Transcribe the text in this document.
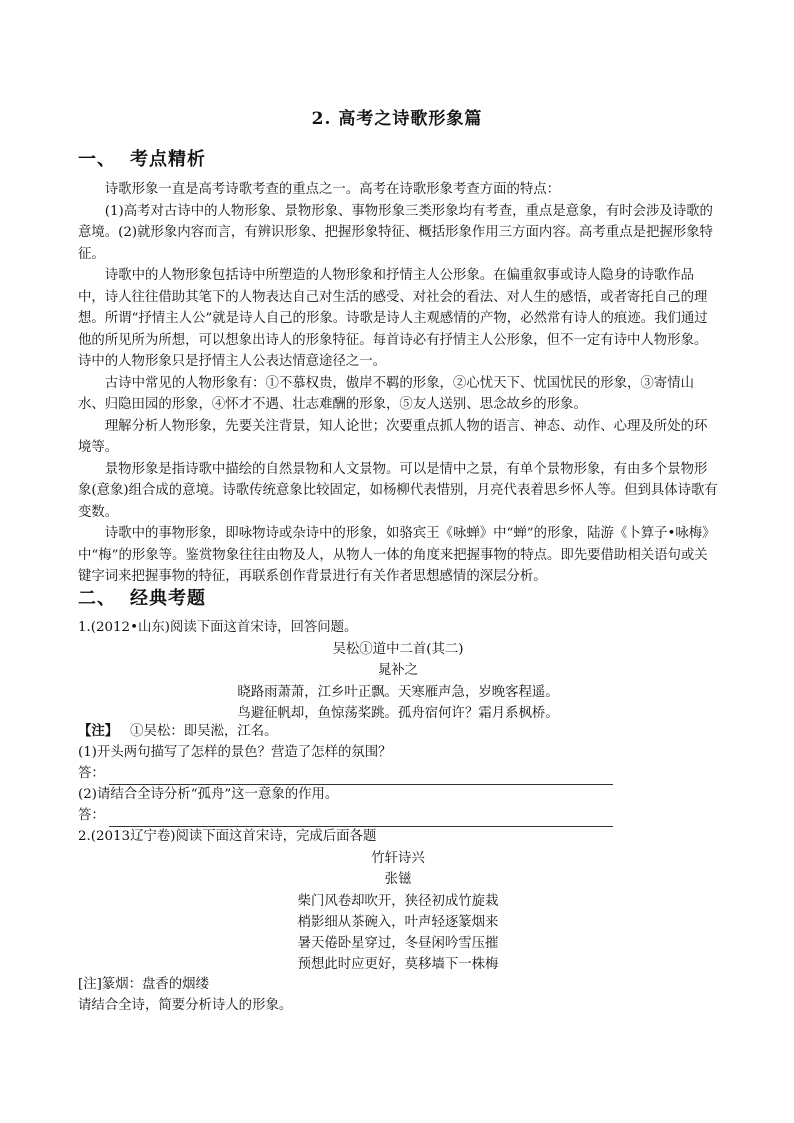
2. 高考之诗歌形象篇
一、 考点精析

诗歌形象一直是高考诗歌考查的重点之一。高考在诗歌形象考查方面的特点：

(1)高考对古诗中的人物形象、景物形象、事物形象三类形象均有考查，重点是意象，有时会涉及诗歌的意境。(2)就形象内容而言，有辨识形象、把握形象特征、概括形象作用三方面内容。高考重点是把握形象特征。

诗歌中的人物形象包括诗中所塑造的人物形象和抒情主人公形象。在偏重叙事或诗人隐身的诗歌作品中，诗人往往借助其笔下的人物表达自己对生活的感受、对社会的看法、对人生的感悟，或者寄托自己的理想。所谓“抒情主人公”就是诗人自己的形象。诗歌是诗人主观感情的产物，必然常有诗人的痕迹。我们通过他的所见所为所想，可以想象出诗人的形象特征。每首诗必有抒情主人公形象，但不一定有诗中人物形象。诗中的人物形象只是抒情主人公表达情意途径之一。

古诗中常见的人物形象有：①不慕权贵，傲岸不羁的形象，②心忧天下、忧国忧民的形象，③寄情山水、归隐田园的形象，④怀才不遇、壮志难酬的形象，⑤友人送别、思念故乡的形象。

理解分析人物形象，先要关注背景，知人论世；次要重点抓人物的语言、神态、动作、心理及所处的环境等。

景物形象是指诗歌中描绘的自然景物和人文景物。可以是情中之景，有单个景物形象，有由多个景物形象(意象)组合成的意境。诗歌传统意象比较固定，如杨柳代表惜别，月亮代表着思乡怀人等。但到具体诗歌有变数。

诗歌中的事物形象，即咏物诗或杂诗中的形象，如骆宾王《咏蝉》中“蝉”的形象，陆游《卜算子•咏梅》中“梅”的形象等。鉴赏物象往往由物及人，从物人一体的角度来把握事物的特点。即先要借助相关语句或关键字词来把握事物的特征，再联系创作背景进行有关作者思想感情的深层分析。

二、 经典考题
1.(2012•山东)阅读下面这首宋诗，回答问题。
吴松①道中二首(其二)
晁补之
晓路雨萧萧，江乡叶正飘。天寒雁声急，岁晚客程遥。
鸟避征帆却，鱼惊荡桨跳。孤舟宿何许？霜月系枫桥。
【注】 ①吴松：即吴淞，江名。
(1)开头两句描写了怎样的景色？营造了怎样的氛围？
答：
(2)请结合全诗分析“孤舟”这一意象的作用。
答：
2.(2013辽宁卷)阅读下面这首宋诗，完成后面各题
竹轩诗兴
张镃
柴门风卷却吹开，狭径初成竹旋栽
梢影细从茶碗入，叶声轻逐篆烟来
暑天倦卧星穿过，冬昼闲吟雪压摧
预想此时应更好，莫移墙下一株梅
[注]篆烟：盘香的烟缕
请结合全诗，简要分析诗人的形象。
